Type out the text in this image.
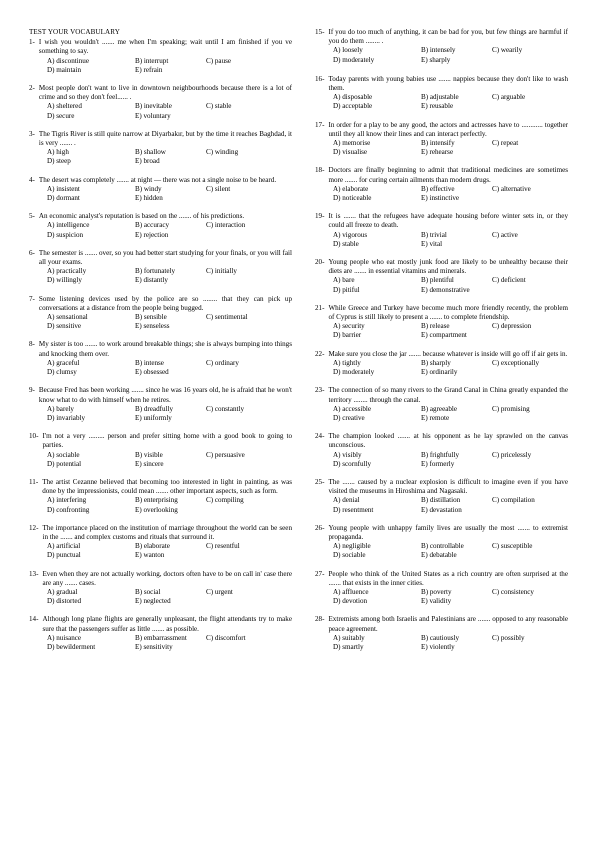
TEST YOUR VOCABULARY
1- I wish you wouldn't ....... me when I'm speaking; wait until I am finished if you ve something to say.
A) discontinue	B) interrupt	C) pause
D) maintain	E) refrain
2- Most people don't want to live in downtown neighbourhoods because there is a lot of crime and so they don't feel...... .
A) sheltered	B) inevitable	C) stable
D) secure	E) voluntary
3- The Tigris River is still quite narrow at Diyarbakır, but by the time it reaches Baghdad, it is very ....... .
A) high	B) shallow	C) winding
D) steep	E) broad
4- The desert was completely ....... at night — there was not a single noise to be heard.
A) insistent	B) windy	C) silent
D) dormant	E) hidden
5- An economic analyst's reputation is based on the ....... of his predictions.
A) intelligence	B) accuracy	C) interaction
D) suspicion	E) rejection
6- The semester is ....... over, so you had better start studying for your finals, or you will fail all your exams.
A) practically	B) fortunately	C) initially
D) willingly	E) distantly
7- Some listening devices used by the police are so ........ that they can pick up conversations at a distance from the people being bugged.
A) sensational	B) sensible	C) sentimental
D) sensitive	E) senseless
8- My sister is too ....... to work around breakable things; she is always bumping into things and knocking them over.
A) graceful	B) intense	C) ordinary
D) clumsy	E) obsessed
9- Because Fred has been working ....... since he was 16 years old, he is afraid that he won't know what to do with himself when he retires.
A) barely	B) dreadfully	C) constantly
D) invariably	E) uniformly
10- I'm not a very ......... person and prefer sitting home with a good book to going to parties.
A) sociable	B) visible	C) persuasive
D) potential	E) sincere
11- The artist Cezanne believed that becoming too interested in light in painting, as was done by the impressionists, could mean ....... other important aspects, such as form.
A) interfering	B) enterprising	C) compiling
D) confronting	E) overlooking
12- The importance placed on the institution of marriage throughout the world can be seen in the ....... and complex customs and rituals that surround it.
A) artificial	B) elaborate	C) resentful
D) punctual	E) wanton
13- Even when they are not actually working, doctors often have to be on call in' case there are any ....... cases.
A) gradual	B) social	C) urgent
D) distorted	E) neglected
14- Although long plane flights are generally unpleasant, the flight attendants try to make sure that the passengers suffer as little ....... as possible.
A) nuisance	B) embarrassment	C) discomfort
D) bewilderment	E) sensitivity
15- If you do too much of anything, it can be bad for you, but few things are harmful if you do them ........ .
A) loosely	B) intensely	C) wearily
D) moderately	E) sharply
16- Today parents with young babies use ....... nappies because they don't like to wash them.
A) disposable	B) adjustable	C) arguable
D) acceptable	E) reusable
17- In order for a play to be any good, the actors and actresses have to ............ together until they all know their lines and can interact perfectly.
A) memorise	B) intensify	C) repeat
D) visualise	E) rehearse
18- Doctors are finally beginning to admit that traditional medicines are sometimes more ....... for curing certain ailments than modern drugs.
A) elaborate	B) effective	C) alternative
D) noticeable	E) instinctive
19- It is ....... that the refugees have adequate housing before winter sets in, or they could all freeze to death.
A) vigorous	B) trivial	C) active
D) stable	E) vital
20- Young people who eat mostly junk food are likely to be unhealthy because their diets are ....... in essential vitamins and minerals.
A) bare	B) plentiful	C) deficient
D) pitiful	E) demonstrative
21- While Greece and Turkey have become much more friendly recently, the problem of Cyprus is still likely to present a ....... to complete friendship.
A) security	B) release	C) depression
D) barrier	E) compartment
22- Make sure you close the jar ....... because whatever is inside will go off if air gets in.
A) tightly	B) sharply	C) exceptionally
D) moderately	E) ordinarily
23- The connection of so many rivers to the Grand Canal in China greatly expanded the territory ........ through the canal.
A) accessible	B) agreeable	C) promising
D) creative	E) remote
24- The champion looked ....... at his opponent as he lay sprawled on the canvas unconscious.
A) visibly	B) frightfully	C) pricelessly
D) scornfully	E) formerly
25- The ....... caused by a nuclear explosion is difficult to imagine even if you have visited the museums in Hiroshima and Nagasaki.
A) denial	B) distillation	C) compilation
D) resentment	E) devastation
26- Young people with unhappy family lives are usually the most ....... to extremist propaganda.
A) negligible	B) controllable	C) susceptible
D) sociable	E) debatable
27- People who think of the United States as a rich country are often surprised at the ....... that exists in the inner cities.
A) affluence	B) poverty	C) consistency
D) devotion	E) validity
28- Extremists among both Israelis and Palestinians are ....... opposed to any reasonable peace agreement.
A) suitably	B) cautiously	C) possibly
D) smartly	E) violently
